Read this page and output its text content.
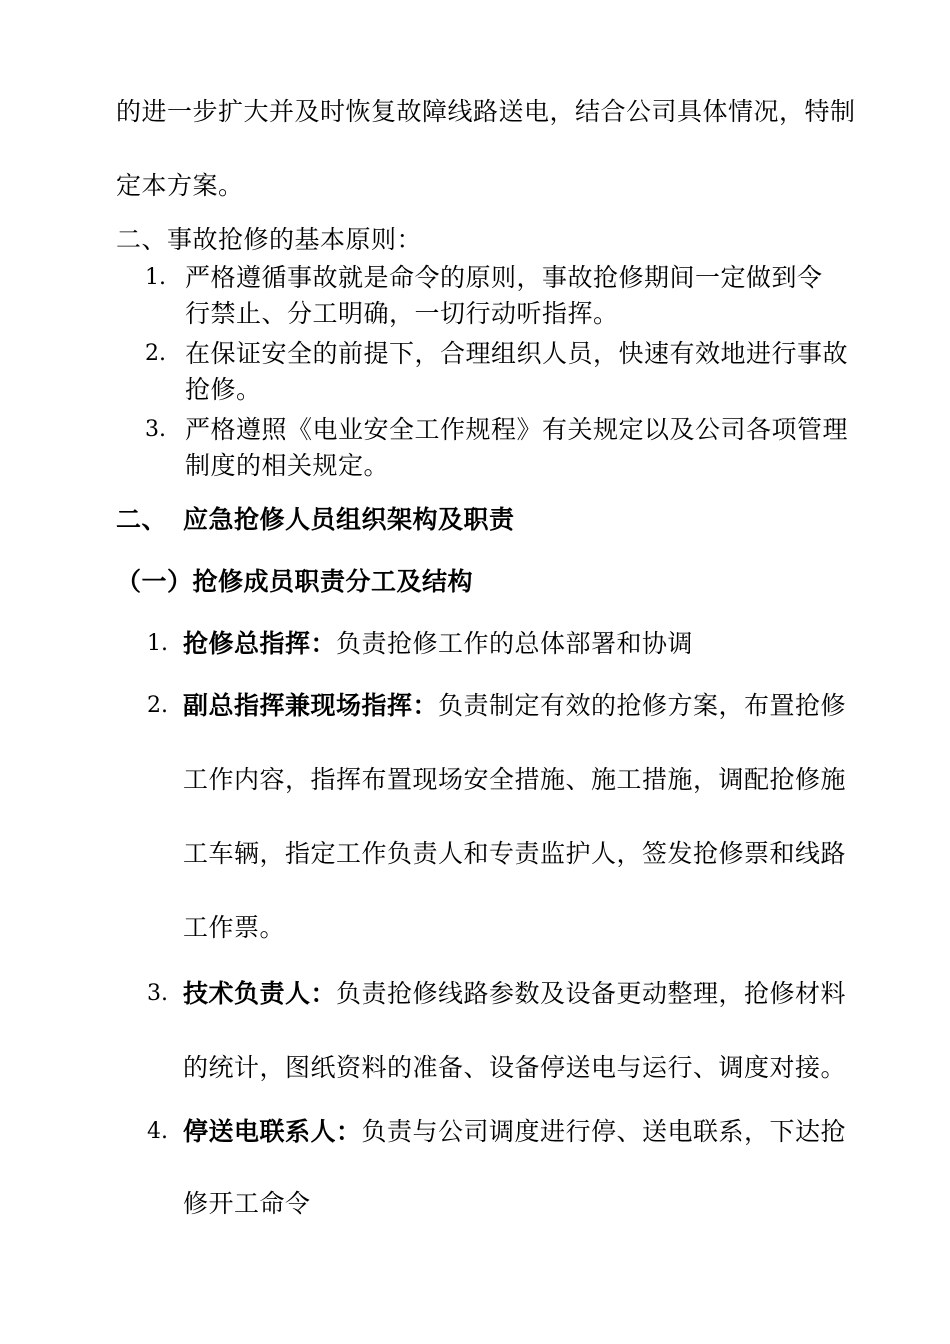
的进一步扩大并及时恢复故障线路送电，结合公司具体情况，特制
定本方案。
二、事故抢修的基本原则：
1. 严格遵循事故就是命令的原则，事故抢修期间一定做到令
行禁止、分工明确，一切行动听指挥。
2. 在保证安全的前提下，合理组织人员，快速有效地进行事故
抢修。
3. 严格遵照《电业安全工作规程》有关规定以及公司各项管理
制度的相关规定。
二、 应急抢修人员组织架构及职责
（一）抢修成员职责分工及结构
1. 抢修总指挥：负责抢修工作的总体部署和协调
2. 副总指挥兼现场指挥：负责制定有效的抢修方案，布置抢修
工作内容，指挥布置现场安全措施、施工措施，调配抢修施
工车辆，指定工作负责人和专责监护人，签发抢修票和线路
工作票。
3. 技术负责人：负责抢修线路参数及设备更动整理，抢修材料
的统计，图纸资料的准备、设备停送电与运行、调度对接。
4. 停送电联系人：负责与公司调度进行停、送电联系，下达抢
修开工命令
